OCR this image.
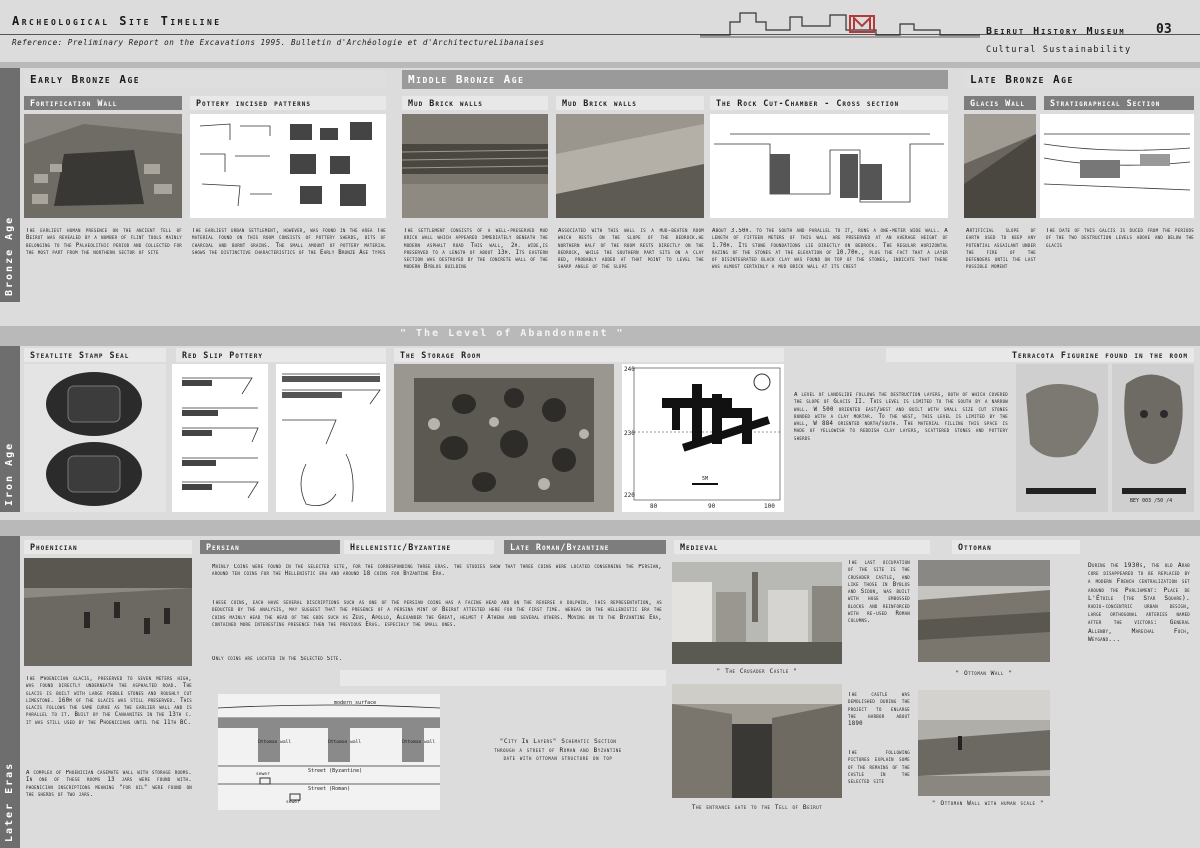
Archeological Site Timeline
Reference: Preliminary Report on the Excavations 1995. Bulletin d'Archéologie et d'ArchitectureLibanaises
Beirut History Museum 03
Cultural Sustainability
Bronze Age
Early Bronze Age
Fortification Wall	Pottery incised patterns
The earliest human presence on the ancient tell of Beirut was revealed by a number of flint tools mainly belonging to the Palaeolithic period and collected for the most part from the northern sector of site
The earliest urban settlement, however, was found in the area The material found on this room consists of pottery sherds, bits of charcoal and burnt grains. The small amount of pottery material shows the distinctive characteristics of the Early Bronze Age types
Middle Bronze Age
Mud Brick walls	Mud Brick walls	The Rock Cut-Chamber - Cross section
The settlement consists of a well-preserved mud brick wall which appeared immediately beneath the modern asphalt road This wall, 2m. wide,is preserved to a length of about 13m. Its eastern section was destroyed by the concrete wall of the modern Byblos building
Associated with this wall is a mud-beaten room which rests on the slope of the bedrock.he northern half of the room rests directly on the bedrock, while the southern part sits on a clay bed, probably added at that point to level the sharp angle of the slope
About 3.50m. to the south and parallel to it, runs a one-meter wide wall. A length of fifteen meters of this wall are preserved at an average height of 1.70m. Its stone foundations lie directly on bedrock. The regular horizontal razing of the stones at the elevation of 10.70m., plus the fact that a layer of disintegrated black clay was found on top of the stones, indicate that there was almost certainly a mud brick wall at its crest
Late Bronze Age
Glacis Wall	Stratigraphical Section
Artificial slope of earth used to keep any potential assailant under the fire of the defenders until the last possible moment
The date of this galcis is duced from the periods of the two destruction levels above and below the glacis
" The Level of Abandonment "
Iron Age
Steatlite Stamp Seal	Red Slip Pottery	The Storage Room	Terracota Figurine found in the room
240
230
220
80	90	100
5M
A level of landslide follows the destruction layers, both of which covered the slope of Glacis II. This level is limited to the south by a narrow wall. W 500 oriented east/west and built with small size cut stones bonded with a clay mortar. To the west, this level is limited by the wall, W 884 oriented north/south. The material filling this space is made of yellowish to reddish clay layers, scattered stones and pottery sherds
BEY 003 /50 /4
Later Eras
Phoenician
The Phoenician glacis, preserved to seven meters high, was found directly underneath the asphalted road. The glacis is built with large pebble stones and roughly cut limestone. 160m of the glacis was still preserved. This glacis follows the same curve as the earlier wall and is parallel to it. Built by the Canaanites in the 13th c. it was still used by the Phoenicians until the 11th BC.
A complex of Phoenician casemate wall with storage rooms. In one of these rooms 13 jars were found with. phoenician inscriptions meaning "for oil" were found on the sherds of two jars.
Persian	Hellenistic/Byzantine	Late Roman/Byzantine
Mainly Coins were found in the selected site, for the corresponding three eras. the studies show that three coins were located conserning the Persian, around ten coins for the Hellenistic era and around 18 coins for Byzantine Era.
These coins, each have several discriptions such as one of the persian coins has a facing head and on the reverse a dolphin. This representation, as deducted by the analysis, may suggest that the presence of a persina mint of Beirut attested here for the first time. wereas in the hellenistic era the coins mainly head the head of the gods such as Zeus, Apollo, Alexander the Great, helmet f Athena and several others. Moving on to the Byzantine Era, contained more interesting presence then the previous Eras. especialy the small ones.
Only coins are located in the Selected Site.
modern surface
Ottoman wall	Ottoman wall	Ottoman wall
Street (Byzantine)
Street (Roman)
sewer
sewer
"City In Layers" Schematic Section through a street of Roman and Byzantine date with ottoman structure on top
Medieval
" The Crusader Castle "
The entrance gate to the Tell of Beirut
The last occupation of the site is the crusader castle, and like those in Byblos and Sidon, was built with huge embossed blocks and reinforced with re-used Roman columns.
The castle was demolished during the project to enlarge the harbor about 1890
The following pictures explain some of the remains of the castle in the selected site
Ottoman
" Ottoman Wall "
" Ottoman Wall with human scale "
During the 1930s, the old Arab core disappeared to be replaced by a modern French centralization set around the Parliament: Place de L'Étoile (the Star Square). radio-concentric urban design, large orthogonal arteries named after the victors: General Allenby, Marechal Foch, Weygand...
